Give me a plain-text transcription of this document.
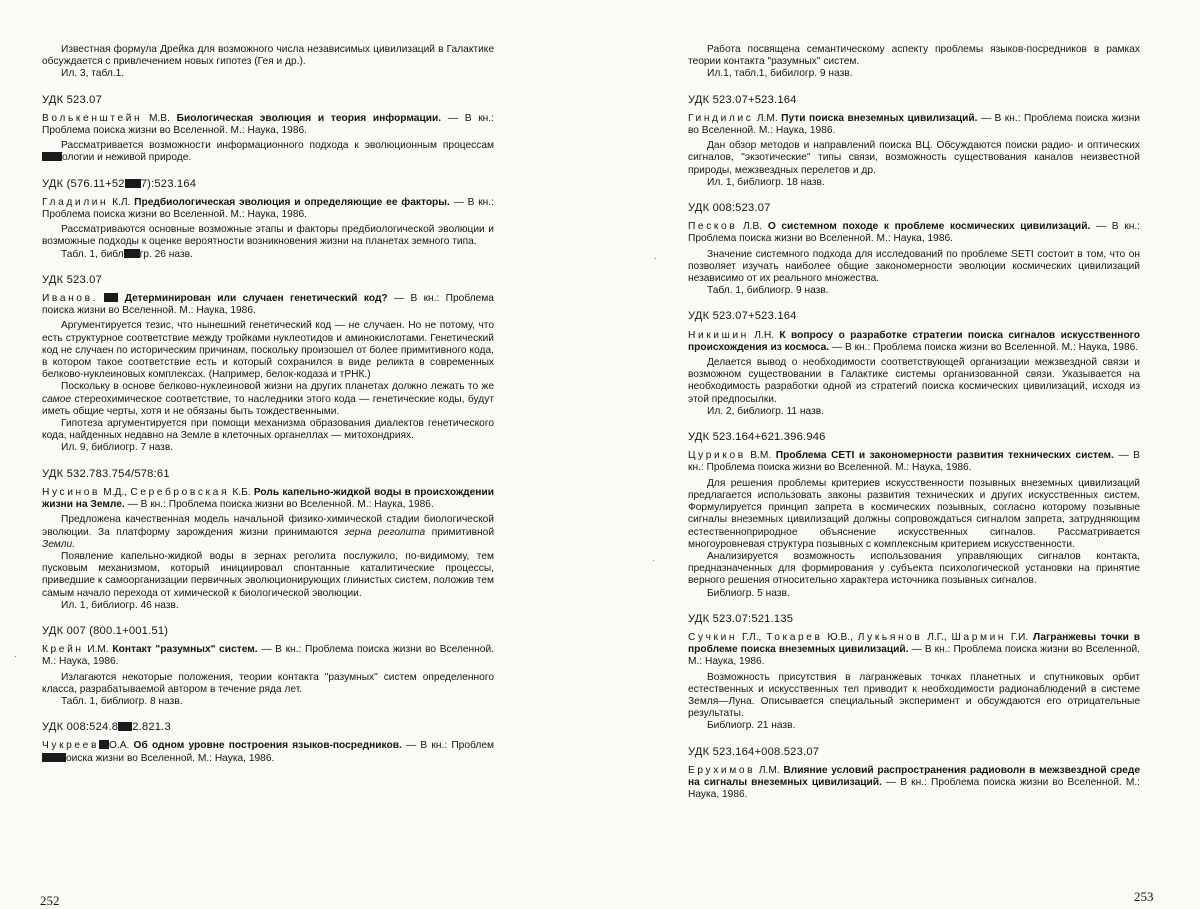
Известная формула Дрейка для возможного числа независимых цивилизаций в Галактике обсуждается с привлечением новых гипотез (Гея и др.).

Ил. 3, табл.1.

УДК 523.07

Волькенштейн М.В. Биологическая эволюция и теория информации. — В кн.: Проблема поиска жизни во Вселенной. М.: Наука, 1986.

Рассматривается возможности информационного подхода к эволюционным процессамологии и неживой природе.

УДК (576.11+52 7):523.164

Гладилин К.Л. Предбиологическая эволюция и определяющие ее факторы. — В кн.: Проблема поиска жизни во Вселенной. М.: Наука, 1986.

Рассматриваются основные возможные этапы и факторы предбиологической эволюции и возможные подходы к оценке вероятности возникновения жизни на планетах земного типа.

Табл. 1, библ гр. 26 назв.

УДК 523.07

Иванов.	Детерминирован или случаен генетический код? — В кн.: Проблема поиска жизни во Вселенной. М.: Наука, 1986.

Аргументируется тезис, что нынешний генетический код — не случаен. Но не потому, что есть структурное соответствие между тройками нуклеотидов и аминокислотами. Генетический код не случаен по историческим причинам, поскольку произошел от более примитивного кода, в котором такое соответствие есть и который сохранился в виде реликта в современных белково-нуклеиновых комплексах. (Например, белок-кодаза и тРНК.)

Поскольку в основе белково-нуклеиновой жизни на других планетах должно лежать то же самое стереохимическое соответствие, то наследники этого кода — генетические коды, будут иметь общие черты, хотя и не обязаны быть тождественными.

Гипотеза аргументируется при помощи механизма образования диалектов генетического кода, найденных недавно на Земле в клеточных органеллах — митохондриях.

Ил. 9, библиогр. 7 назв.

УДК 532.783.754/578:61

Нусинов М.Д., Серебровская К.Б. Роль капельно-жидкой воды в происхождении жизни на Земле. — В кн.: Проблема поиска жизни во Вселенной. М.: Наука, 1986.

Предложена качественная модель начальной физико-химической стадии биологической эволюции. За платформу зарождения жизни принимаются зерна реголита примитивной Земли.

Появление капельно-жидкой воды в зернах реголита послужило, по-видимому, тем пусковым механизмом, который инициировал спонтанные каталитические процессы, приведшие к самоорганизации первичных эволюционирующих глинистых систем, положив тем самым начало перехода от химической к биологической эволюции.

Ил. 1, библиогр. 46 назв.

УДК 007 (800.1+001.51)

Крейн И.М. Контакт "разумных" систем. — В кн.: Проблема поиска жизни во Вселенной. М.: Наука, 1986.

Излагаются некоторые положения, теории контакта "разумных" систем определенного класса, разрабатываемой автором в течение ряда лет.

Табл. 1, библиогр. 8 назв.

УДК 008:524.8 2.821.3

Чукреев О.А. Об одном уровне построения языков-посредников. — В кн.: Проблемоиска жизни во Вселенной. М.: Наука, 1986.

Работа посвящена семантическому аспекту проблемы языков-посредников в рамках теории контакта "разумных" систем.

Ил.1, табл.1, бибилогр. 9 назв.

УДК 523.07+523.164

Гиндилис Л.М. Пути поиска внеземных цивилизаций. — В кн.: Проблема поиска жизни во Вселенной. М.: Наука, 1986.

Дан обзор методов и направлений поиска ВЦ. Обсуждаются поиски радио- и оптических сигналов, "экзотические" типы связи, возможность существования каналов неизвестной природы, межзвездных перелетов и др.

Ил. 1, библиогр. 18 назв.

УДК 008:523.07

Песков Л.В. О системном походе к проблеме космических цивилизаций. — В кн.: Проблема поиска жизни во Вселенной. М.: Наука, 1986.

Значение системного подхода для исследований по проблеме SETI состоит в том, что он позволяет изучать наиболее общие закономерности эволюции космических цивилизаций независимо от их реального множества.

Табл. 1, библиогр. 9 назв.

УДК 523.07+523.164

Никишин Л.Н. К вопросу о разработке стратегии поиска сигналов искусственного происхождения из космоса. — В кн.: Проблема поиска жизни во Вселенной. М.: Наука, 1986.

Делается вывод о необходимости соответствующей организации межзвездной связи и возможном существовании в Галактике системы организованной связи. Указывается на необходимость разработки одной из стратегий поиска космических цивилизаций, исходя из этой предпосылки.

Ил. 2, библиогр. 11 назв.

УДК 523.164+621.396.946

Цуриков В.М. Проблема CETI и закономерности развития технических систем. — В кн.: Проблема поиска жизни во Вселенной. М.: Наука, 1986.

Для решения проблемы критериев искусственности позывных внеземных цивилизаций предлагается использовать законы развития технических и других искусственных систем. Формулируется принцип запрета в космических позывных, согласно которому позывные сигналы внеземных цивилизаций должны сопровождаться сигналом запрета, затрудняющим естественноприродное объяснение искусственных сигналов. Рассматривается многоуровневая структура позывных с комплексным критерием искусственности.

Анализируется возможность использования управляющих сигналов контакта, предназначенных для формирования у субъекта психологической установки на принятие верного решения относительно характера источника позывных сигналов.

Библиогр. 5 назв.

УДК 523.07:521.135

Сучкин Г.Л., Токарев Ю.В., Лукьянов Л.Г., Шармин Г.И. Лагранжевы точки в проблеме поиска внеземных цивилизаций. — В кн.: Проблема поиска жизни во Вселенной. М.: Наука, 1986.

Возможность присутствия в лагранжевых точках планетных и спутниковых орбит естественных и искусственных тел приводит к необходимости радионаблюдений в системе Земля—Луна. Описывается специальный эксперимент и обсуждаются его отрицательные результаты.

Библиогр. 21 назв.

УДК 523.164+008.523.07

Ерухимов Л.М. Влияние условий распространения радиоволн в межзвездной среде на сигналы внеземных цивилизаций. — В кн.: Проблема поиска жизни во Вселенной. М.: Наука, 1986.

252	253
·
·
·
